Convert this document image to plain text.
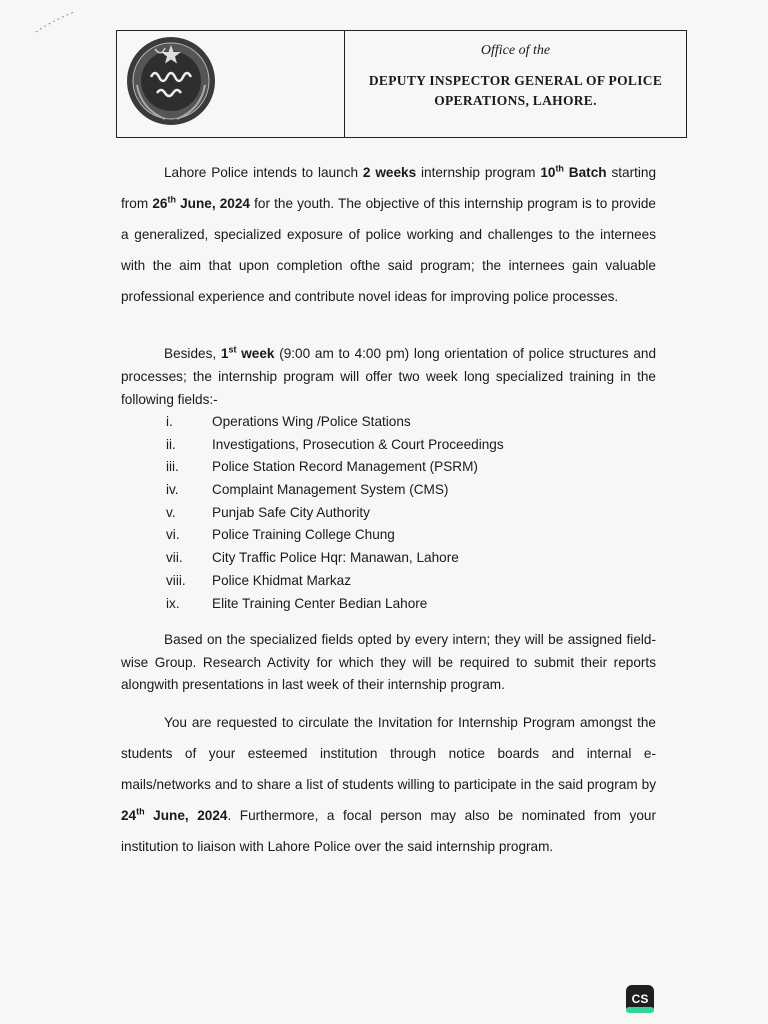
Office of the
DEPUTY INSPECTOR GENERAL OF POLICE
OPERATIONS, LAHORE.
Lahore Police intends to launch 2 weeks internship program 10th Batch starting from 26th June, 2024 for the youth. The objective of this internship program is to provide a generalized, specialized exposure of police working and challenges to the internees with the aim that upon completion ofthe said program; the internees gain valuable professional experience and contribute novel ideas for improving police processes.

Besides, 1st week (9:00 am to 4:00 pm) long orientation of police structures and processes; the internship program will offer two week long specialized training in the following fields:-

i.	Operations Wing /Police Stations
ii.	Investigations, Prosecution & Court Proceedings
iii.	Police Station Record Management (PSRM)
iv.	Complaint Management System (CMS)
v.	Punjab Safe City Authority
vi.	Police Training College Chung
vii.	City Traffic Police Hqr: Manawan, Lahore
viii.	Police Khidmat Markaz
ix.	Elite Training Center Bedian Lahore

Based on the specialized fields opted by every intern; they will be assigned field-wise Group. Research Activity for which they will be required to submit their reports alongwith presentations in last week of their internship program.

You are requested to circulate the Invitation for Internship Program amongst the students of your esteemed institution through notice boards and internal e-mails/networks and to share a list of students willing to participate in the said program by 24th June, 2024. Furthermore, a focal person may also be nominated from your institution to liaison with Lahore Police over the said internship program.

CS
